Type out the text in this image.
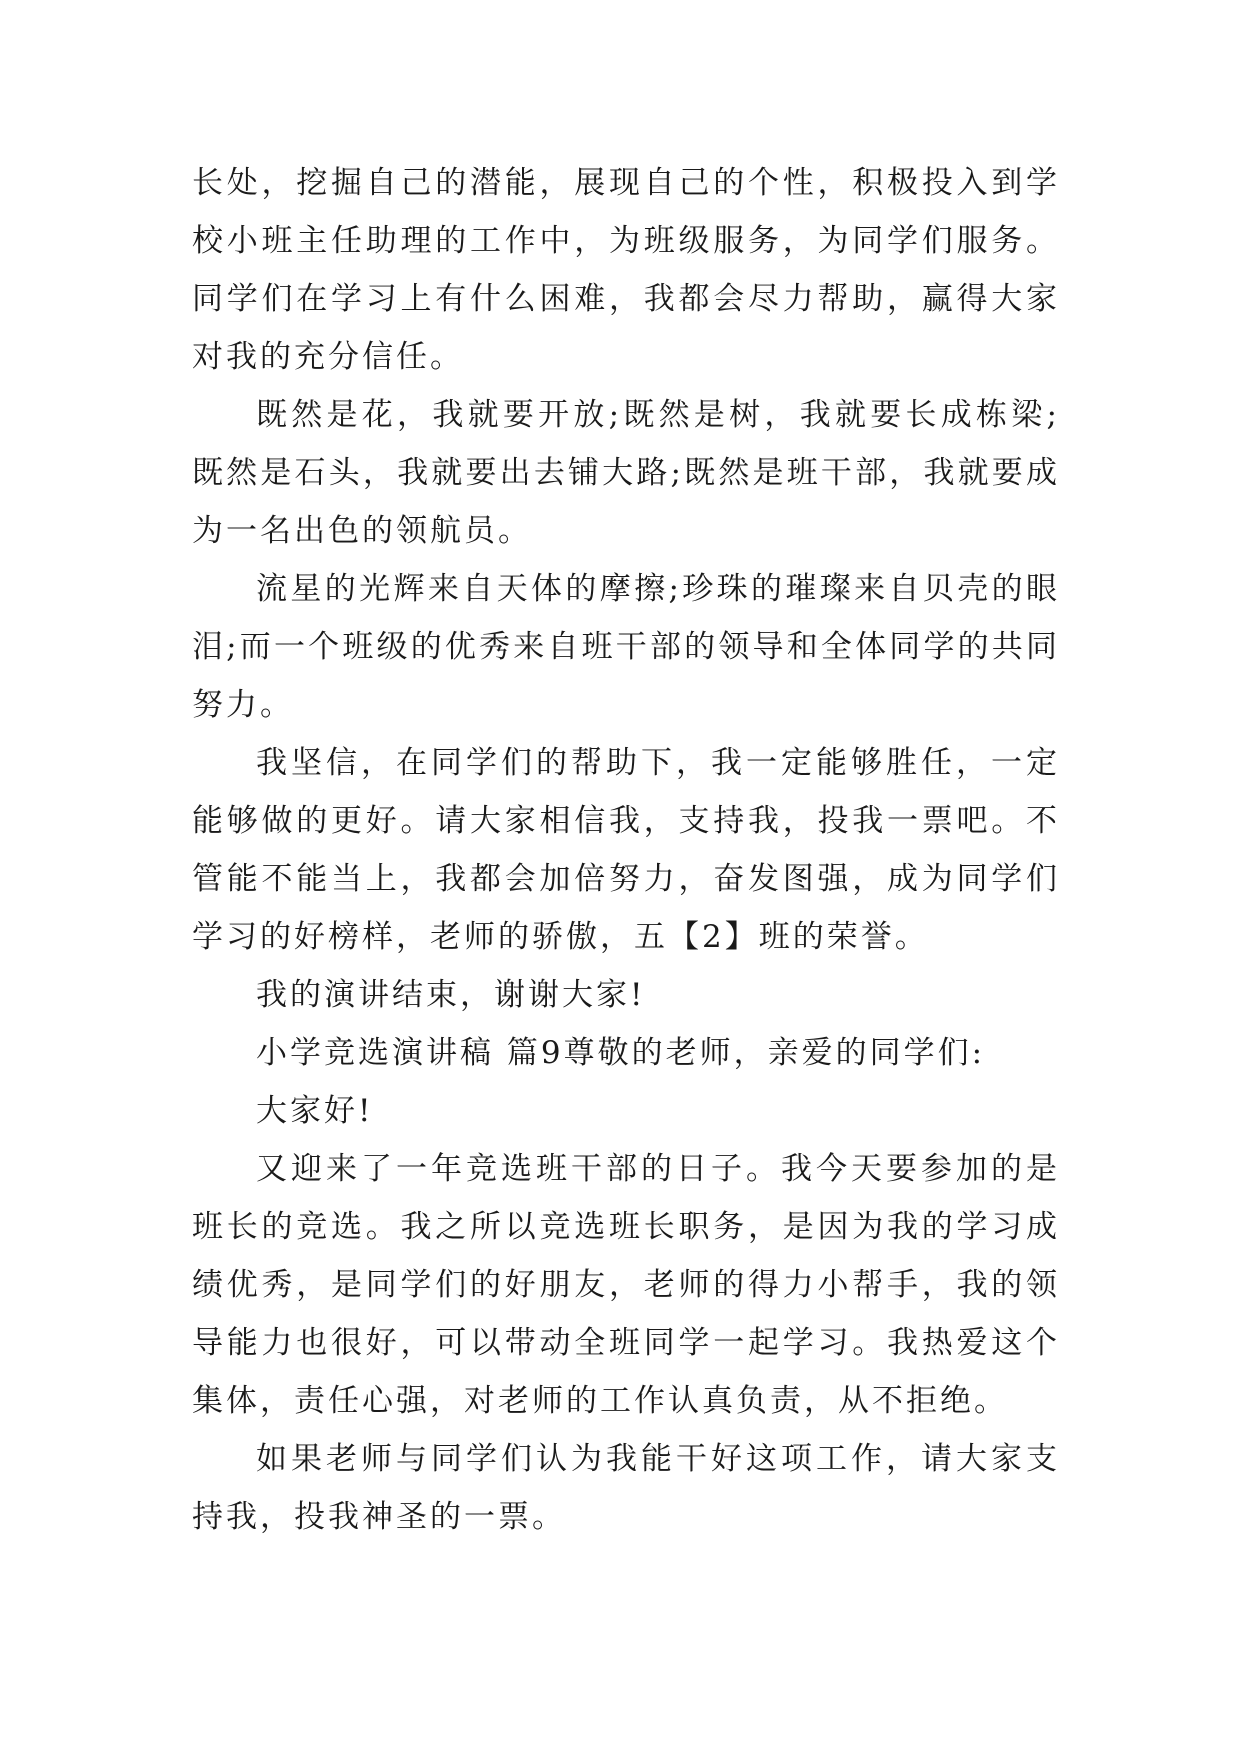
长处，挖掘自己的潜能，展现自己的个性，积极投入到学校小班主任助理的工作中，为班级服务，为同学们服务。同学们在学习上有什么困难，我都会尽力帮助，赢得大家对我的充分信任。

既然是花，我就要开放;既然是树，我就要长成栋梁;既然是石头，我就要出去铺大路;既然是班干部，我就要成为一名出色的领航员。

流星的光辉来自天体的摩擦;珍珠的璀璨来自贝壳的眼泪;而一个班级的优秀来自班干部的领导和全体同学的共同努力。

我坚信，在同学们的帮助下，我一定能够胜任，一定能够做的更好。请大家相信我，支持我，投我一票吧。不管能不能当上，我都会加倍努力，奋发图强，成为同学们学习的好榜样，老师的骄傲，五【2】班的荣誉。

我的演讲结束，谢谢大家!

小学竞选演讲稿 篇9尊敬的老师，亲爱的同学们:

大家好!

又迎来了一年竞选班干部的日子。我今天要参加的是班长的竞选。我之所以竞选班长职务，是因为我的学习成绩优秀，是同学们的好朋友，老师的得力小帮手，我的领导能力也很好，可以带动全班同学一起学习。我热爱这个集体，责任心强，对老师的工作认真负责，从不拒绝。

如果老师与同学们认为我能干好这项工作，请大家支持我，投我神圣的一票。
